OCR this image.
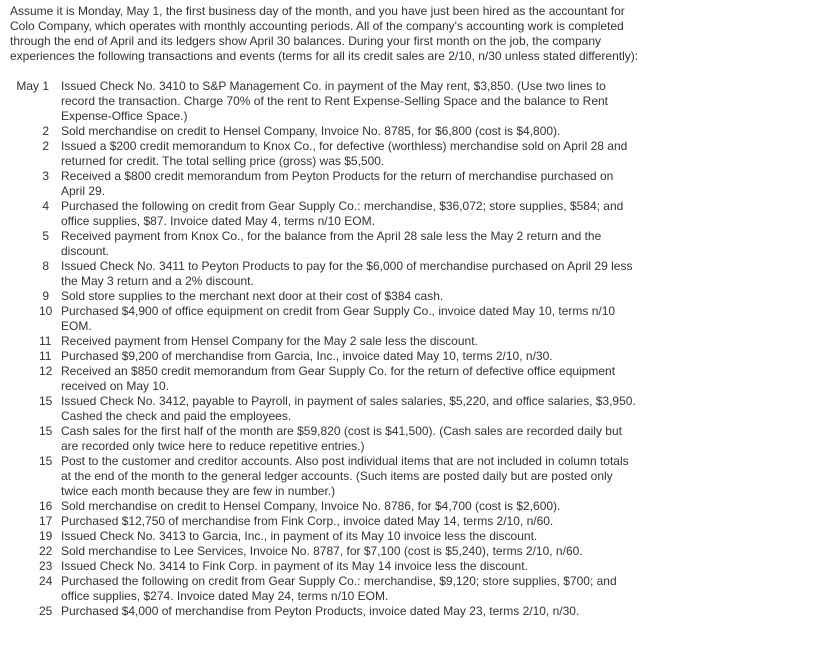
Assume it is Monday, May 1, the first business day of the month, and you have just been hired as the accountant for Colo Company, which operates with monthly accounting periods. All of the company's accounting work is completed through the end of April and its ledgers show April 30 balances. During your first month on the job, the company experiences the following transactions and events (terms for all its credit sales are 2/10, n/30 unless stated differently):
May 1 Issued Check No. 3410 to S&P Management Co. in payment of the May rent, $3,850. (Use two lines to record the transaction. Charge 70% of the rent to Rent Expense-Selling Space and the balance to Rent Expense-Office Space.)
2 Sold merchandise on credit to Hensel Company, Invoice No. 8785, for $6,800 (cost is $4,800).
2 Issued a $200 credit memorandum to Knox Co., for defective (worthless) merchandise sold on April 28 and returned for credit. The total selling price (gross) was $5,500.
3 Received a $800 credit memorandum from Peyton Products for the return of merchandise purchased on April 29.
4 Purchased the following on credit from Gear Supply Co.: merchandise, $36,072; store supplies, $584; and office supplies, $87. Invoice dated May 4, terms n/10 EOM.
5 Received payment from Knox Co., for the balance from the April 28 sale less the May 2 return and the discount.
8 Issued Check No. 3411 to Peyton Products to pay for the $6,000 of merchandise purchased on April 29 less the May 3 return and a 2% discount.
9 Sold store supplies to the merchant next door at their cost of $384 cash.
10 Purchased $4,900 of office equipment on credit from Gear Supply Co., invoice dated May 10, terms n/10 EOM.
11 Received payment from Hensel Company for the May 2 sale less the discount.
11 Purchased $9,200 of merchandise from Garcia, Inc., invoice dated May 10, terms 2/10, n/30.
12 Received an $850 credit memorandum from Gear Supply Co. for the return of defective office equipment received on May 10.
15 Issued Check No. 3412, payable to Payroll, in payment of sales salaries, $5,220, and office salaries, $3,950. Cashed the check and paid the employees.
15 Cash sales for the first half of the month are $59,820 (cost is $41,500). (Cash sales are recorded daily but are recorded only twice here to reduce repetitive entries.)
15 Post to the customer and creditor accounts. Also post individual items that are not included in column totals at the end of the month to the general ledger accounts. (Such items are posted daily but are posted only twice each month because they are few in number.)
16 Sold merchandise on credit to Hensel Company, Invoice No. 8786, for $4,700 (cost is $2,600).
17 Purchased $12,750 of merchandise from Fink Corp., invoice dated May 14, terms 2/10, n/60.
19 Issued Check No. 3413 to Garcia, Inc., in payment of its May 10 invoice less the discount.
22 Sold merchandise to Lee Services, Invoice No. 8787, for $7,100 (cost is $5,240), terms 2/10, n/60.
23 Issued Check No. 3414 to Fink Corp. in payment of its May 14 invoice less the discount.
24 Purchased the following on credit from Gear Supply Co.: merchandise, $9,120; store supplies, $700; and office supplies, $274. Invoice dated May 24, terms n/10 EOM.
25 Purchased $4,000 of merchandise from Peyton Products, invoice dated May 23, terms 2/10, n/30.
